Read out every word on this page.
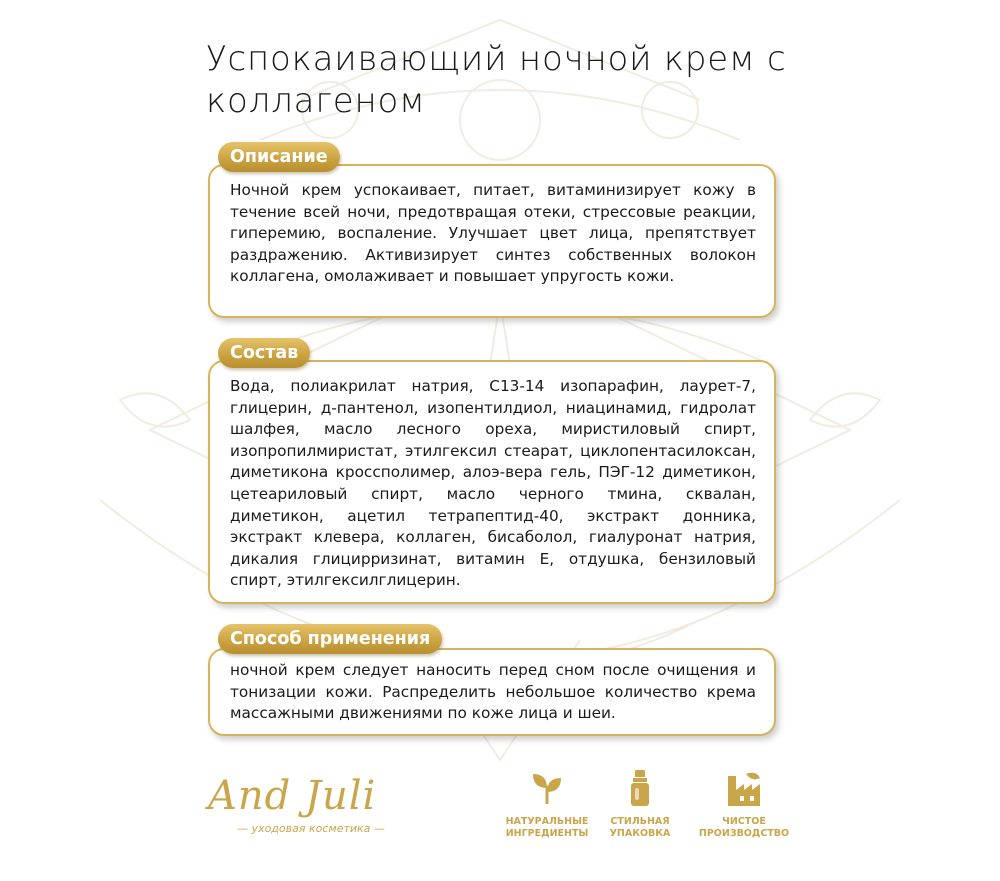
Успокаивающий ночной крем с коллагеном
Ночной крем успокаивает, питает, витаминизирует кожу в течение всей ночи, предотвращая отеки, стрессовые реакции, гиперемию, воспаление. Улучшает цвет лица, препятствует раздражению. Активизирует синтез собственных волокон коллагена, омолаживает и повышает упругость кожи.
Описание
Вода, полиакрилат натрия, С13-14 изопарафин, лаурет-7, глицерин, д-пантенол, изопентилдиол, ниацинамид, гидролат шалфея, масло лесного ореха, миристиловый спирт, изопропилмиристат, этилгексил стеарат, циклопентасилоксан, диметикона кроссполимер, алоэ-вера гель, ПЭГ-12 диметикон, цетеариловый спирт, масло черного тмина, сквалан, диметикон, ацетил тетрапептид-40, экстракт донника, экстракт клевера, коллаген, бисаболол, гиалуронат натрия, дикалия глицирризинат, витамин Е, отдушка, бензиловый спирт, этилгексилглицерин.
Состав
ночной крем следует наносить перед сном после очищения и тонизации кожи. Распределить небольшое количество крема массажными движениями по коже лица и шеи.
Способ применения
And Juli
— уходовая косметика —
НАТУРАЛЬНЫЕ
ИНГРЕДИЕНТЫ
СТИЛЬНАЯ
УПАКОВКА
ЧИСТОЕ
ПРОИЗВОДСТВО
